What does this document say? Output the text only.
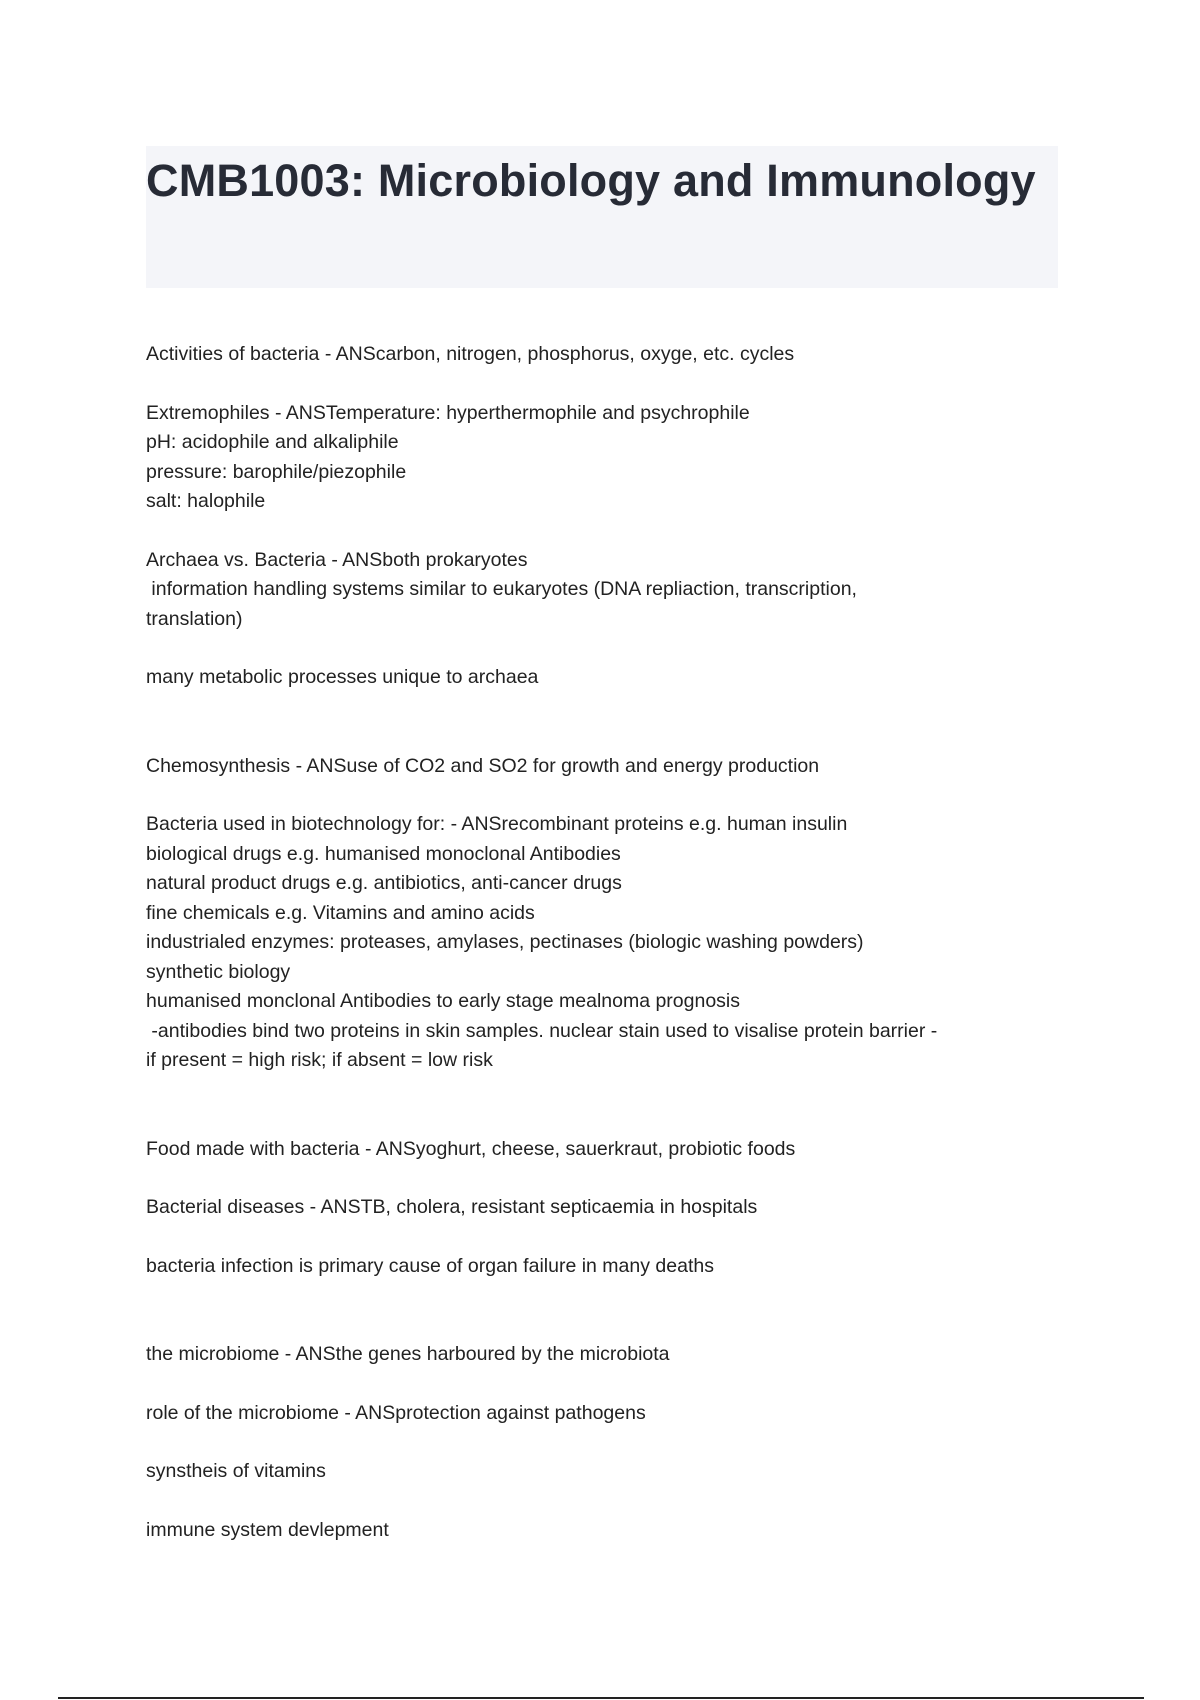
CMB1003: Microbiology and Immunology

Activities of bacteria - ANScarbon, nitrogen, phosphorus, oxyge, etc. cycles

Extremophiles - ANSTemperature: hyperthermophile and psychrophile
pH: acidophile and alkaliphile
pressure: barophile/piezophile
salt: halophile

Archaea vs. Bacteria - ANSboth prokaryotes
information handling systems similar to eukaryotes (DNA repliaction, transcription,
translation)

many metabolic processes unique to archaea

Chemosynthesis - ANSuse of CO2 and SO2 for growth and energy production

Bacteria used in biotechnology for: - ANSrecombinant proteins e.g. human insulin
biological drugs e.g. humanised monoclonal Antibodies
natural product drugs e.g. antibiotics, anti-cancer drugs
fine chemicals e.g. Vitamins and amino acids
industrialed enzymes: proteases, amylases, pectinases (biologic washing powders)
synthetic biology
humanised monclonal Antibodies to early stage mealnoma prognosis
-antibodies bind two proteins in skin samples. nuclear stain used to visalise protein barrier -
if present = high risk; if absent = low risk

Food made with bacteria - ANSyoghurt, cheese, sauerkraut, probiotic foods

Bacterial diseases - ANSTB, cholera, resistant septicaemia in hospitals

bacteria infection is primary cause of organ failure in many deaths

the microbiome - ANSthe genes harboured by the microbiota

role of the microbiome - ANSprotection against pathogens

synstheis of vitamins

immune system devlepment
